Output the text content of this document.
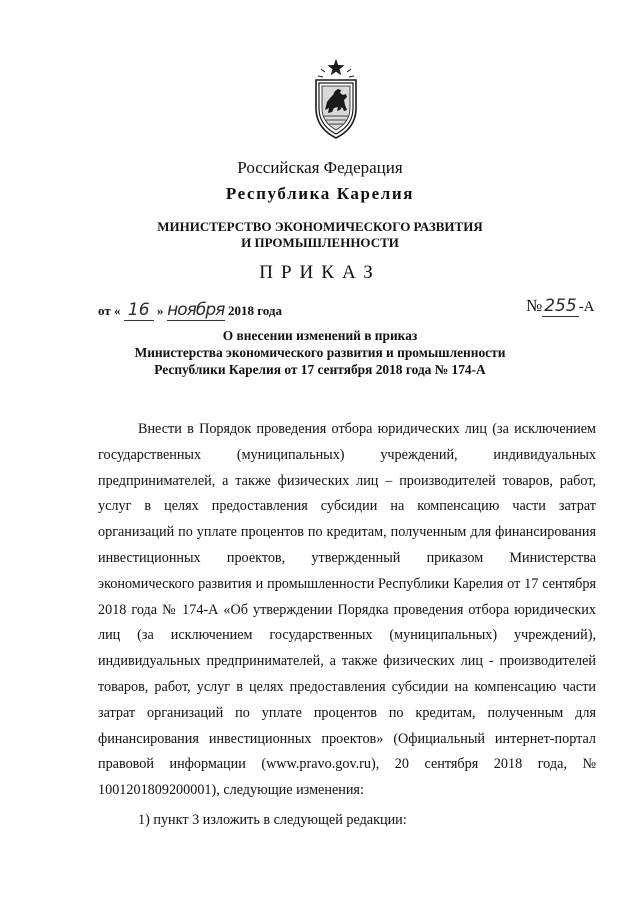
Российская Федерация
Республика Карелия
МИНИСТЕРСТВО ЭКОНОМИЧЕСКОГО РАЗВИТИЯ
И ПРОМЫШЛЕННОСТИ
ПРИКАЗ
от « 16 » ноября 2018 года	№ 255 -А
О внесении изменений в приказ
Министерства экономического развития и промышленности
Республики Карелия от 17 сентября 2018 года № 174-А

Внести в Порядок проведения отбора юридических лиц (за исключением государственных (муниципальных) учреждений, индивидуальных предпринимателей, а также физических лиц – производителей товаров, работ, услуг в целях предоставления субсидии на компенсацию части затрат организаций по уплате процентов по кредитам, полученным для финансирования инвестиционных проектов, утвержденный приказом Министерства экономического развития и промышленности Республики Карелия от 17 сентября 2018 года № 174-А «Об утверждении Порядка проведения отбора юридических лиц (за исключением государственных (муниципальных) учреждений), индивидуальных предпринимателей, а также физических лиц - производителей товаров, работ, услуг в целях предоставления субсидии на компенсацию части затрат организаций по уплате процентов по кредитам, полученным для финансирования инвестиционных проектов» (Официальный интернет-портал правовой информации (www.pravo.gov.ru), 20 сентября 2018 года, № 1001201809200001), следующие изменения:

1) пункт 3 изложить в следующей редакции:
